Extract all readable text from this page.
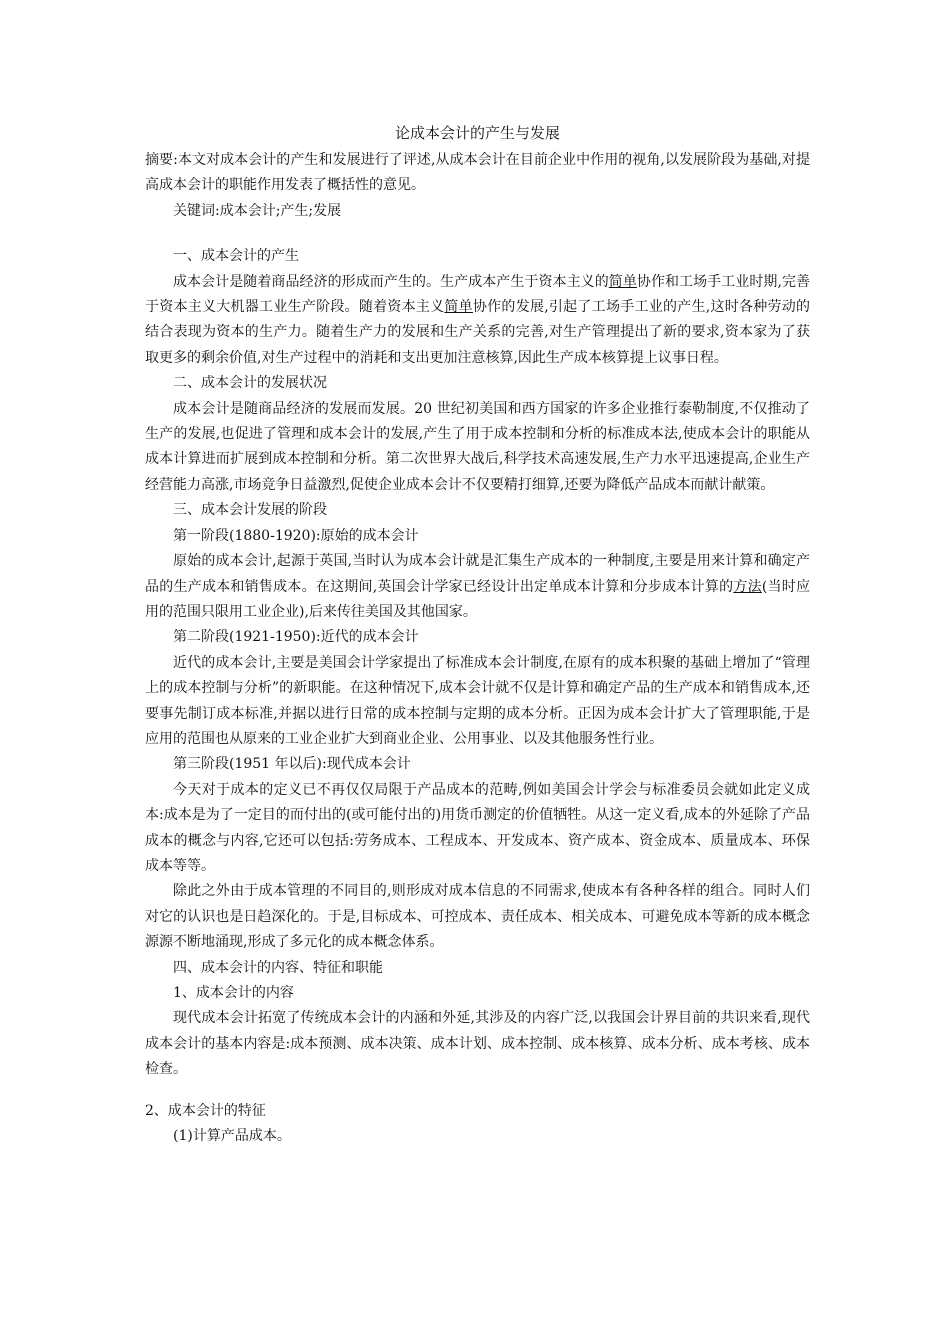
论成本会计的产生与发展

摘要:本文对成本会计的产生和发展进行了评述,从成本会计在目前企业中作用的视角,以发展阶段为基础,对提高成本会计的职能作用发表了概括性的意见。

关键词:成本会计;产生;发展

一、成本会计的产生

成本会计是随着商品经济的形成而产生的。生产成本产生于资本主义的简单协作和工场手工业时期,完善于资本主义大机器工业生产阶段。随着资本主义简单协作的发展,引起了工场手工业的产生,这时各种劳动的结合表现为资本的生产力。随着生产力的发展和生产关系的完善,对生产管理提出了新的要求,资本家为了获取更多的剩余价值,对生产过程中的消耗和支出更加注意核算,因此生产成本核算提上议事日程。

二、成本会计的发展状况

成本会计是随商品经济的发展而发展。20 世纪初美国和西方国家的许多企业推行泰勒制度,不仅推动了生产的发展,也促进了管理和成本会计的发展,产生了用于成本控制和分析的标准成本法,使成本会计的职能从成本计算进而扩展到成本控制和分析。第二次世界大战后,科学技术高速发展,生产力水平迅速提高,企业生产经营能力高涨,市场竞争日益激烈,促使企业成本会计不仅要精打细算,还要为降低产品成本而献计献策。

三、成本会计发展的阶段

第一阶段(1880-1920):原始的成本会计

原始的成本会计,起源于英国,当时认为成本会计就是汇集生产成本的一种制度,主要是用来计算和确定产品的生产成本和销售成本。在这期间,英国会计学家已经设计出定单成本计算和分步成本计算的方法(当时应用的范围只限用工业企业),后来传往美国及其他国家。

第二阶段(1921-1950):近代的成本会计

近代的成本会计,主要是美国会计学家提出了标准成本会计制度,在原有的成本积聚的基础上增加了“管理上的成本控制与分析”的新职能。在这种情况下,成本会计就不仅是计算和确定产品的生产成本和销售成本,还要事先制订成本标准,并据以进行日常的成本控制与定期的成本分析。正因为成本会计扩大了管理职能,于是应用的范围也从原来的工业企业扩大到商业企业、公用事业、以及其他服务性行业。

第三阶段(1951 年以后):现代成本会计

今天对于成本的定义已不再仅仅局限于产品成本的范畴,例如美国会计学会与标准委员会就如此定义成本:成本是为了一定目的而付出的(或可能付出的)用货币测定的价值牺牲。从这一定义看,成本的外延除了产品成本的概念与内容,它还可以包括:劳务成本、工程成本、开发成本、资产成本、资金成本、质量成本、环保成本等等。

除此之外由于成本管理的不同目的,则形成对成本信息的不同需求,使成本有各种各样的组合。同时人们对它的认识也是日趋深化的。于是,目标成本、可控成本、责任成本、相关成本、可避免成本等新的成本概念源源不断地涌现,形成了多元化的成本概念体系。

四、成本会计的内容、特征和职能

1、成本会计的内容

现代成本会计拓宽了传统成本会计的内涵和外延,其涉及的内容广泛,以我国会计界目前的共识来看,现代成本会计的基本内容是:成本预测、成本决策、成本计划、成本控制、成本核算、成本分析、成本考核、成本检查。

2、成本会计的特征

(1)计算产品成本。
